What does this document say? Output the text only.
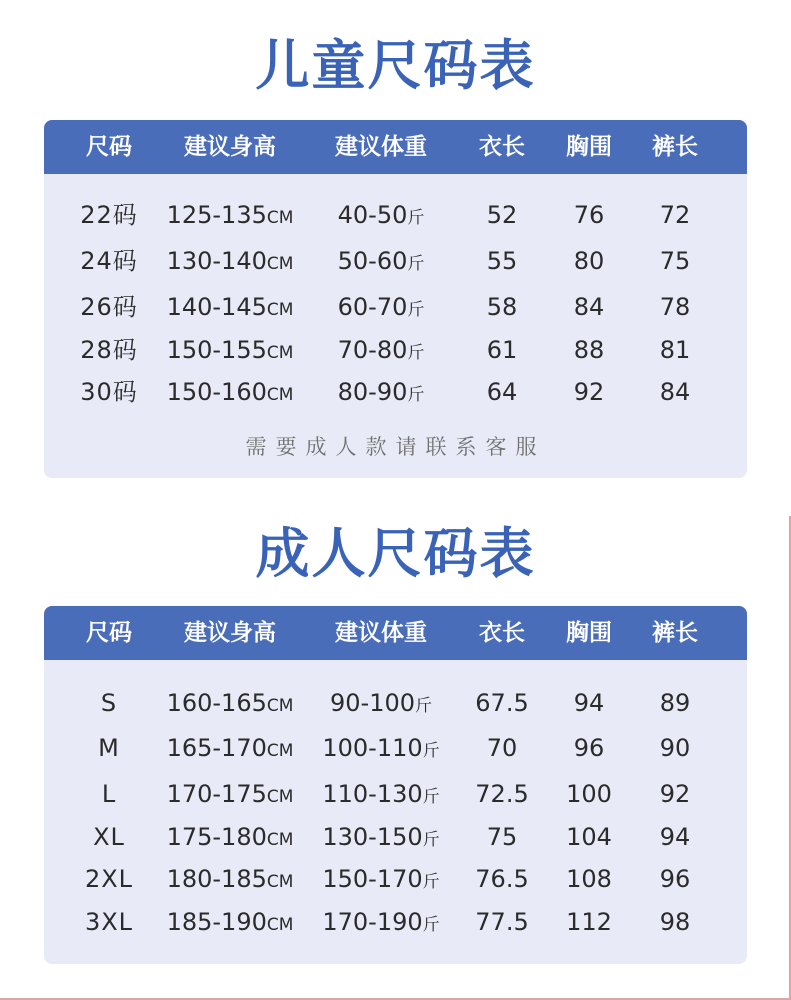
儿童尺码表
尺码 建议身高	建议体重 衣长 胸围 裤长
22码 125-135CM 40-50斤	52 76 72
24码 130-140CM 50-60斤	55 80 75
26码 140-145CM 60-70斤	58 84 78
28码 150-155CM 70-80斤	61 88 81
30码 150-160CM 80-90斤	64 92 84
需要成人款请联系客服
成人尺码表
尺码 建议身高	建议体重 衣长 胸围 裤长
S 160-165CM 90-100斤 67.5 94 89
M 165-170CM 100-110斤 70 96 90
L 170-175CM 110-130斤 72.5 100 92
XL 175-180CM 130-150斤 75 104 94
2XL 180-185CM 150-170斤 76.5 108 96
3XL 185-190CM 170-190斤 77.5 112 98
